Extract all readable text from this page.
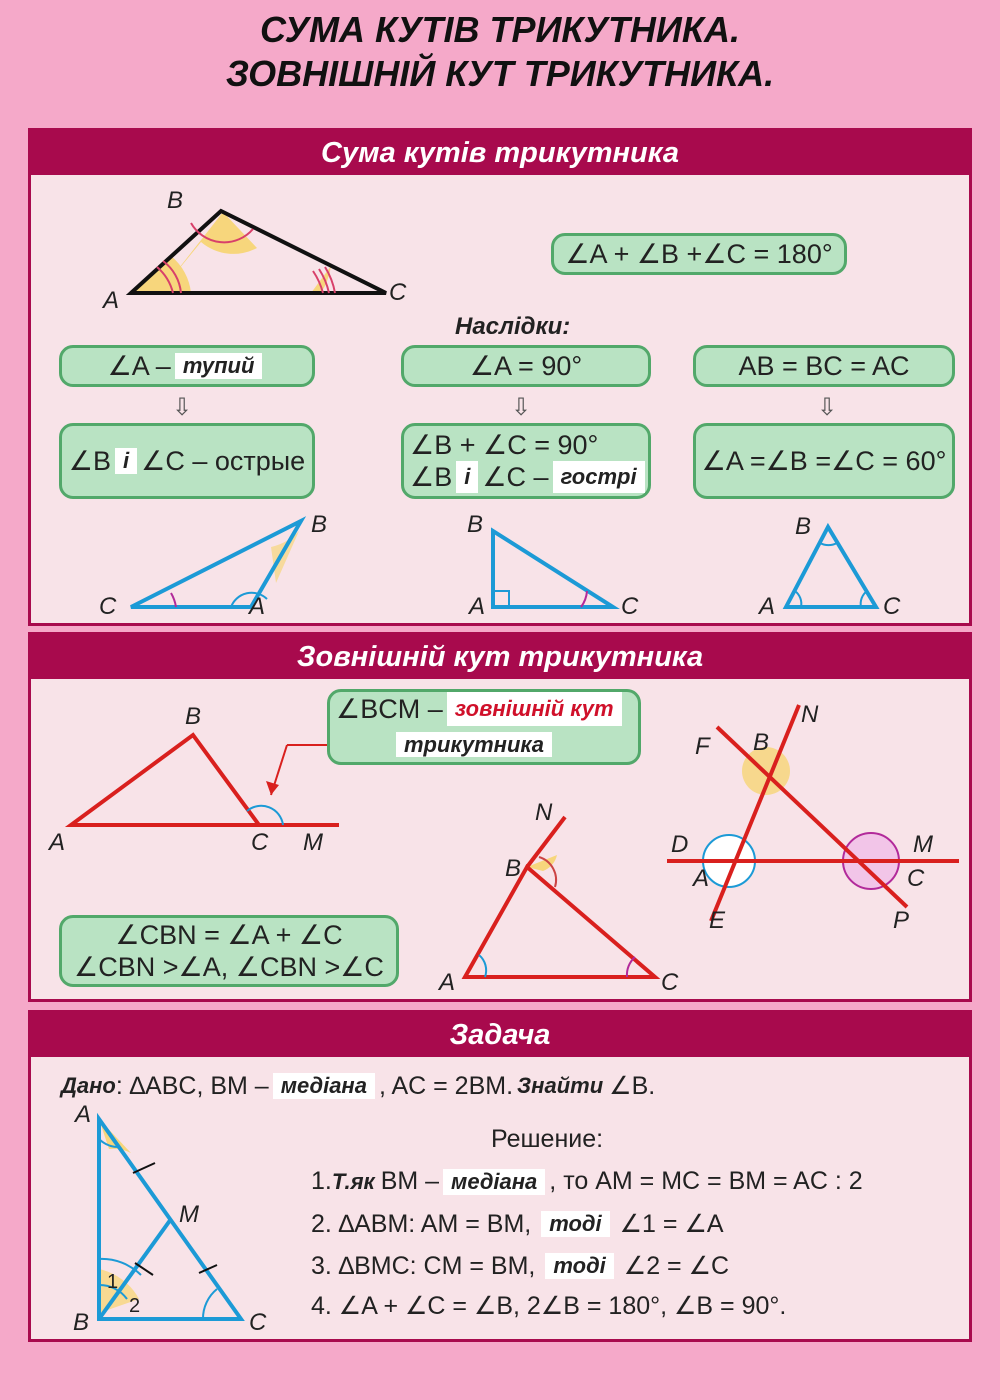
СУМА КУТІВ ТРИКУТНИКА.
ЗОВНІШНІЙ КУТ ТРИКУТНИКА.
Сума кутів трикутника
B
A	C
∠A + ∠B +∠C = 180°
Наслідки:
∠A – тупий
⇩
∠B і ∠C – острые
∠A = 90°
⇩
∠B + ∠C = 90°
∠B і ∠C – гострі
AB = BC = AC
⇩
∠A =∠B =∠C = 60°
C
B
A
B
A	C
B
A	C
Зовнішній кут трикутника
B
A	C M
∠BCM – зовнішній кут
трикутника
∠CBN = ∠A + ∠C
∠CBN >∠A, ∠CBN >∠C
N
B
A	C
N
F B
D
A
E
M
C
P
Задача
Дано : ∆ABC, BM – медіана , AC = 2BM. Знайти ∠B.
A
M
B	C
1
2
Решение:
1. Т.як BM – медіана , то AM = MC = BM = AC : 2
2. ∆ABM: AM = BM, тоді ∠1 = ∠A
3. ∆BMC: CM = BM, тоді ∠2 = ∠C
4. ∠A + ∠C = ∠B, 2∠B = 180°, ∠B = 90°.
